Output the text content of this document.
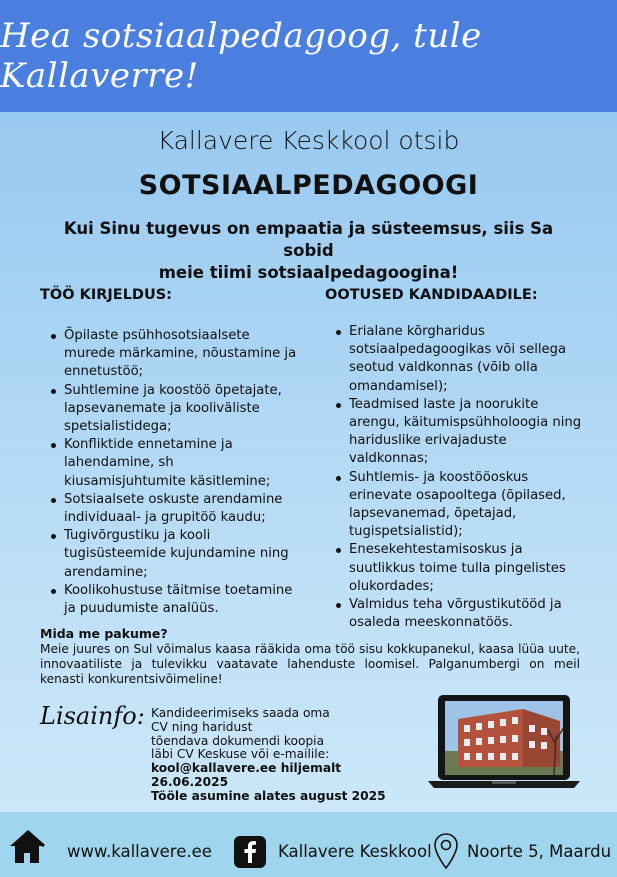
Hea sotsiaalpedagoog, tule Kallaverre!
Kallavere Keskkool otsib
SOTSIAALPEDAGOOGI
Kui Sinu tugevus on empaatia ja süsteemsus, siis Sa sobid
meie tiimi sotsiaalpedagoogina!
TÖÖ KIRJELDUS:	OOTUSED KANDIDAADILE:
Õpilaste psühhosotsiaalsete murede märkamine, nõustamine ja ennetustöö;
Suhtlemine ja koostöö õpetajate, lapsevanemate ja kooliväliste spetsialistidega;
Konfliktide ennetamine ja lahendamine, sh kiusamisjuhtumite käsitlemine;
Sotsiaalsete oskuste arendamine individuaal- ja grupitöö kaudu;
Tugivõrgustiku ja kooli tugisüsteemide kujundamine ning arendamine;
Koolikohustuse täitmise toetamine ja puudumiste analüüs.
Erialane kõrgharidus sotsiaalpedagoogikas või sellega seotud valdkonnas (võib olla omandamisel);
Teadmised laste ja noorukite arengu, käitumispsühholoogia ning hariduslike erivajaduste valdkonnas;
Suhtlemis- ja koostööoskus erinevate osapooltega (õpilased, lapsevanemad, õpetajad, tugispetsialistid);
Enesekehtestamisoskus ja suutlikkus toime tulla pingelistes olukordades;
Valmidus teha võrgustikutööd ja osaleda meeskonnatöös.
Mida me pakume?
Meie juures on Sul võimalus kaasa rääkida oma töö sisu kokkupanekul, kaasa lüüa uute, innovaatiliste ja tulevikku vaatavate lahenduste loomisel. Palganumbergi on meil kenasti konkurentsivõimeline!
Lisainfo: Kandideerimiseks saada oma
CV ning haridust
tõendava dokumendi koopia
läbi CV Keskuse või e-mailile:
kool@kallavere.ee hiljemalt 26.06.2025
Tööle asumine alates august 2025
www.kallavere.ee	Kallavere Keskkool Noorte 5, Maardu
